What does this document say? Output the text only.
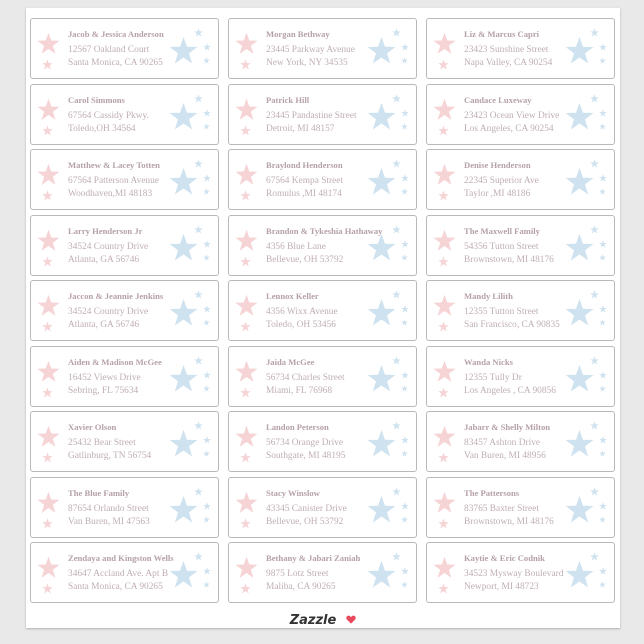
Jacob & Jessica Anderson
12567 Oakland Court
Santa Monica, CA 90265
Morgan Bethway
23445 Parkway Avenue
New York, NY 34535
Liz & Marcus Capri
23423 Sunshine Street
Napa Valley, CA 90254
Carol Simmons
67564 Cassidy Pkwy.
Toledo,OH 34564
Patrick Hill
23445 Pandastine Street
Detroit, MI 48157
Candace Luxeway
23423 Ocean View Drive
Los Angeles, CA 90254
Matthew & Lacey Totten
67564 Patterson Avenue
Woodhaven,MI 48183
Braylond Henderson
67564 Kempa Street
Romulus ,MI 48174
Denise Henderson
22345 Superior Ave
Taylor ,MI 48186
Larry Henderson Jr
34524 Country Drive
Atlanta, GA 56746
Brandon & Tykeshia Hathaway
4356 Blue Lane
Bellevue, OH 53792
The Maxwell Family
54356 Tutton Street
Brownstown, MI 48176
Jaccon & Jeannie Jenkins
34524 Country Drive
Atlanta, GA 56746
Lennox Keller
4356 Wixx Avenue
Toledo, OH 53456
Mandy Lilith
12355 Tutton Street
San Francisco, CA 90835
Aiden & Madison McGee
16452 Views Drive
Sebring, FL 75634
Jaida McGee
56734 Charles Street
Miami, FL 76968
Wanda Nicks
12355 Tully Dr
Los Angeles , CA 90856
Xavier Olson
25432 Bear Street
Gatlinburg, TN 56754
Landon Peterson
56734 Orange Drive
Southgate, MI 48195
Jabarr & Shelly Milton
83457 Ashton Drive
Van Buren, MI 48956
The Blue Family
87654 Orlando Street
Van Buren, MI 47563
Stacy Winslow
43345 Canister Drive
Bellevue, OH 53792
The Pattersons
83765 Baxter Street
Brownstown, MI 48176
Zendaya and Kingston Wells
34647 Accland Ave. Apt B
Santa Monica, CA 90265
Bethany & Jabari Zaniah
9875 Lotz Street
Maliba, CA 90265
Kaytie & Eric Codnik
34523 Mysway Boulevard
Newport, MI 48723
Zazzle
